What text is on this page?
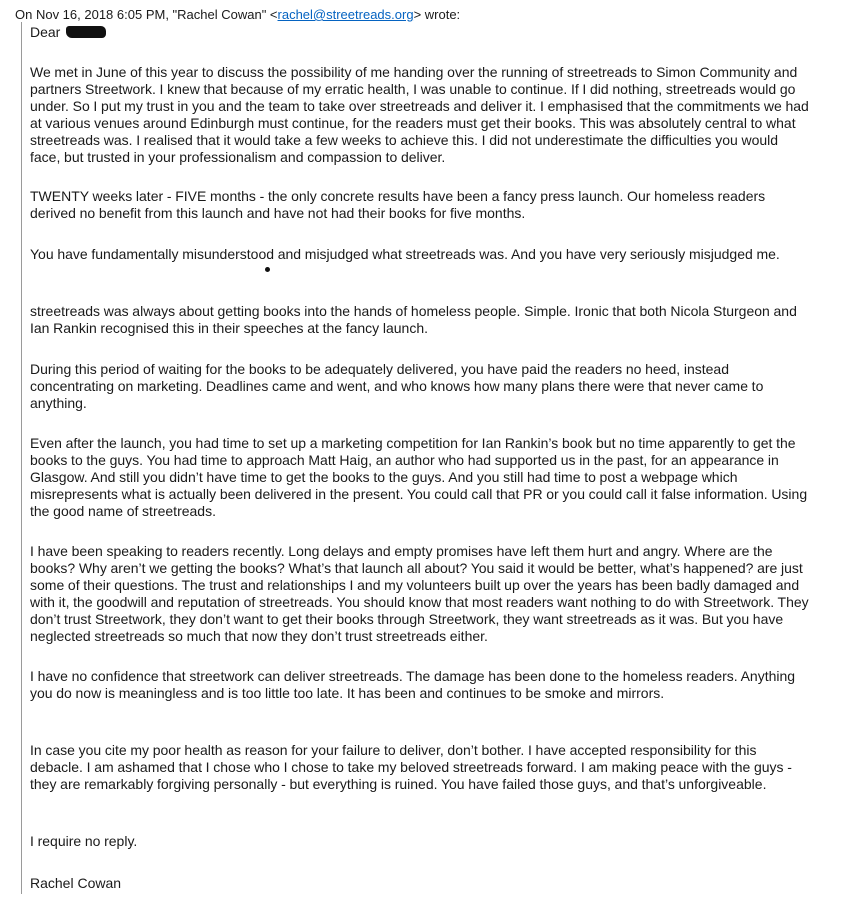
On Nov 16, 2018 6:05 PM, "Rachel Cowan" <rachel@streetreads.org> wrote:
Dear

We met in June of this year to discuss the possibility of me handing over the running of streetreads to Simon Community and partners Streetwork. I knew that because of my erratic health, I was unable to continue. If I did nothing, streetreads would go under. So I put my trust in you and the team to take over streetreads and deliver it. I emphasised that the commitments we had at various venues around Edinburgh must continue, for the readers must get their books. This was absolutely central to what streetreads was. I realised that it would take a few weeks to achieve this. I did not underestimate the difficulties you would face, but trusted in your professionalism and compassion to deliver.

TWENTY weeks later - FIVE months - the only concrete results have been a fancy press launch. Our homeless readers derived no benefit from this launch and have not had their books for five months.

You have fundamentally misunderstood and misjudged what streetreads was. And you have very seriously misjudged me.

streetreads was always about getting books into the hands of homeless people. Simple. Ironic that both Nicola Sturgeon and Ian Rankin recognised this in their speeches at the fancy launch.

During this period of waiting for the books to be adequately delivered, you have paid the readers no heed, instead concentrating on marketing. Deadlines came and went, and who knows how many plans there were that never came to anything.

Even after the launch, you had time to set up a marketing competition for Ian Rankin’s book but no time apparently to get the books to the guys. You had time to approach Matt Haig, an author who had supported us in the past, for an appearance in Glasgow. And still you didn’t have time to get the books to the guys. And you still had time to post a webpage which misrepresents what is actually been delivered in the present. You could call that PR or you could call it false information. Using the good name of streetreads.

I have been speaking to readers recently. Long delays and empty promises have left them hurt and angry. Where are the books? Why aren’t we getting the books? What’s that launch all about? You said it would be better, what’s happened? are just some of their questions. The trust and relationships I and my volunteers built up over the years has been badly damaged and with it, the goodwill and reputation of streetreads. You should know that most readers want nothing to do with Streetwork. They don’t trust Streetwork, they don’t want to get their books through Streetwork, they want streetreads as it was. But you have neglected streetreads so much that now they don’t trust streetreads either.

I have no confidence that streetwork can deliver streetreads. The damage has been done to the homeless readers. Anything you do now is meaningless and is too little too late. It has been and continues to be smoke and mirrors.

In case you cite my poor health as reason for your failure to deliver, don’t bother. I have accepted responsibility for this debacle. I am ashamed that I chose who I chose to take my beloved streetreads forward. I am making peace with the guys - they are remarkably forgiving personally - but everything is ruined. You have failed those guys, and that’s unforgiveable.

I require no reply.

Rachel Cowan
